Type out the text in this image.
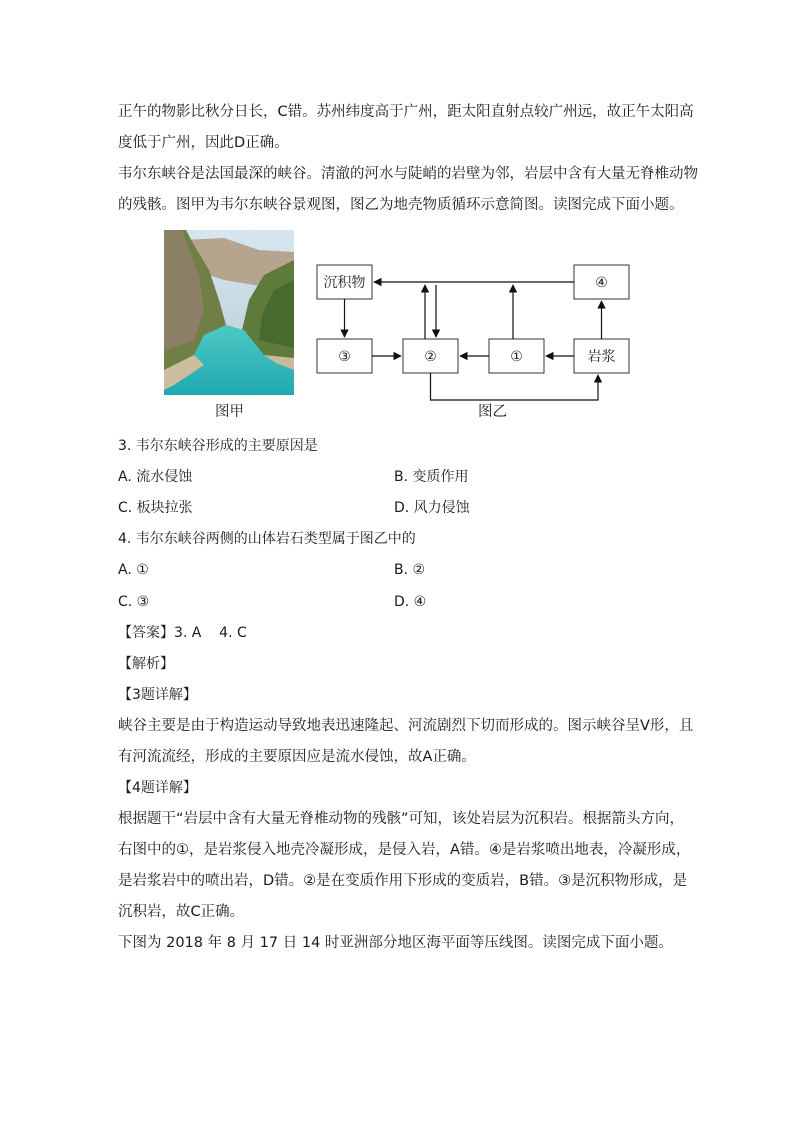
正午的物影比秋分日长，C错。苏州纬度高于广州，距太阳直射点较广州远，故正午太阳高
度低于广州，因此D正确。
韦尔东峡谷是法国最深的峡谷。清澈的河水与陡峭的岩壁为邻，岩层中含有大量无脊椎动物
的残骸。图甲为韦尔东峡谷景观图，图乙为地壳物质循环示意简图。读图完成下面小题。
图甲
沉积物	④
③	②	①	岩浆
图乙
3. 韦尔东峡谷形成的主要原因是
A. 流水侵蚀	B. 变质作用
C. 板块拉张	D. 风力侵蚀
4. 韦尔东峡谷两侧的山体岩石类型属于图乙中的
A. ①	B. ②
C. ③	D. ④
【答案】3. A    4. C
【解析】
【3题详解】
峡谷主要是由于构造运动导致地表迅速隆起、河流剧烈下切而形成的。图示峡谷呈V形，且
有河流流经，形成的主要原因应是流水侵蚀，故A正确。
【4题详解】
根据题干“岩层中含有大量无脊椎动物的残骸”可知，该处岩层为沉积岩。根据箭头方向，
右图中的①，是岩浆侵入地壳冷凝形成，是侵入岩，A错。④是岩浆喷出地表，冷凝形成，
是岩浆岩中的喷出岩，D错。②是在变质作用下形成的变质岩，B错。③是沉积物形成，是
沉积岩，故C正确。
下图为 2018 年 8 月 17 日 14 时亚洲部分地区海平面等压线图。读图完成下面小题。
